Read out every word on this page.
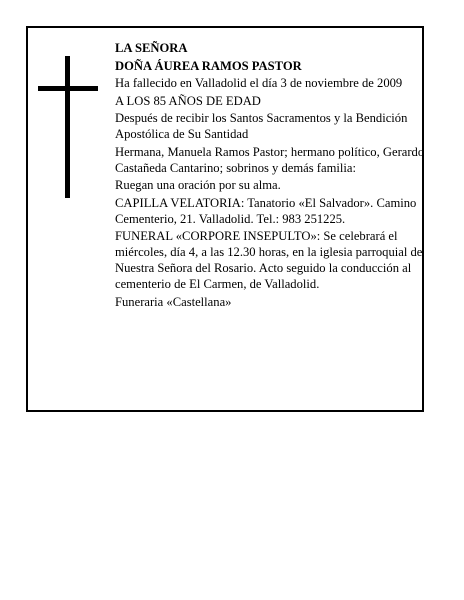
LA SEÑORA

DOÑA ÁUREA RAMOS PASTOR

Ha fallecido en Valladolid el día 3 de noviembre de 2009

A LOS 85 AÑOS DE EDAD

Después de recibir los Santos Sacramentos y la Bendición Apostólica de Su Santidad

Hermana, Manuela Ramos Pastor; hermano político, Gerardo Castañeda Cantarino; sobrinos y demás familia:

Ruegan una oración por su alma.

CAPILLA VELATORIA: Tanatorio «El Salvador». Camino Cementerio, 21. Valladolid. Tel.: 983 251225.

FUNERAL «CORPORE INSEPULTO»: Se celebrará el miércoles, día 4, a las 12.30 horas, en la iglesia parroquial de Nuestra Señora del Rosario. Acto seguido la conducción al cementerio de El Carmen, de Valladolid.

Funeraria «Castellana»
